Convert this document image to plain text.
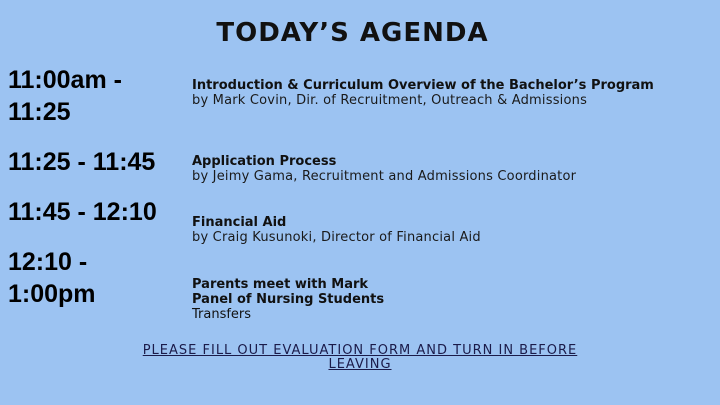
TODAY’S AGENDA
11:00am -
11:25
11:25 - 11:45
11:45 - 12:10
12:10 -
1:00pm
Introduction & Curriculum Overview of the Bachelor’s Program
by Mark Covin, Dir. of Recruitment, Outreach & Admissions
Application Process
by Jeimy Gama, Recruitment and Admissions Coordinator
Financial Aid
by Craig Kusunoki, Director of Financial Aid
Parents meet with Mark
Panel of Nursing Students
Transfers
PLEASE FILL OUT EVALUATION FORM AND TURN IN BEFORE
LEAVING
